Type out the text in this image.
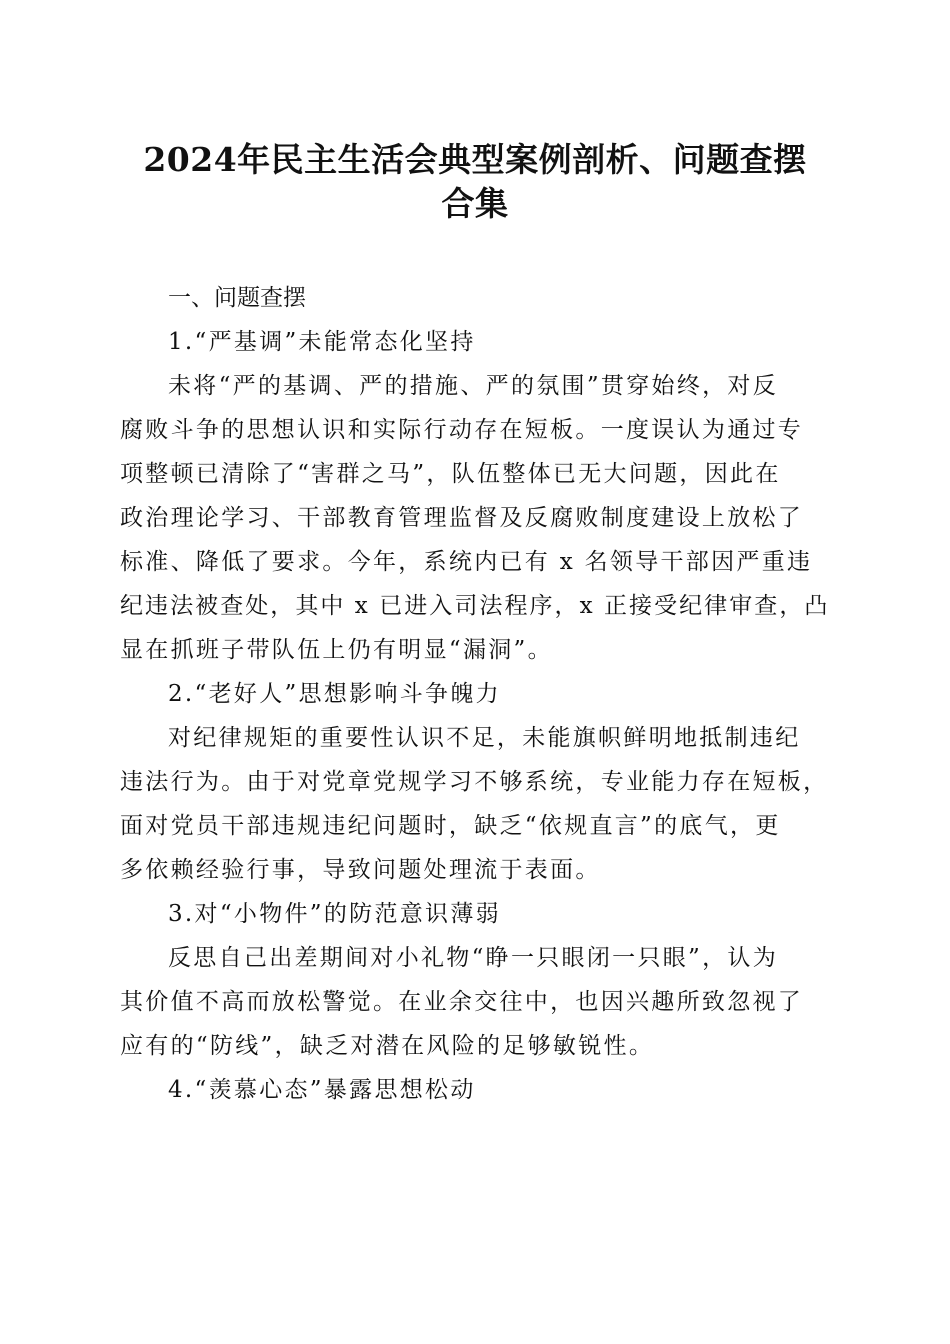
2024年民主生活会典型案例剖析、问题查摆
合集
一、问题查摆
1.“严基调”未能常态化坚持
未将“严的基调、严的措施、严的氛围”贯穿始终，对反
腐败斗争的思想认识和实际行动存在短板。一度误认为通过专
项整顿已清除了“害群之马”，队伍整体已无大问题，因此在
政治理论学习、干部教育管理监督及反腐败制度建设上放松了
标准、降低了要求。今年，系统内已有 x 名领导干部因严重违
纪违法被查处，其中 x 已进入司法程序，x 正接受纪律审查，凸
显在抓班子带队伍上仍有明显“漏洞”。
2.“老好人”思想影响斗争魄力
对纪律规矩的重要性认识不足，未能旗帜鲜明地抵制违纪
违法行为。由于对党章党规学习不够系统，专业能力存在短板，
面对党员干部违规违纪问题时，缺乏“依规直言”的底气，更
多依赖经验行事，导致问题处理流于表面。
3.对“小物件”的防范意识薄弱
反思自己出差期间对小礼物“睁一只眼闭一只眼”，认为
其价值不高而放松警觉。在业余交往中，也因兴趣所致忽视了
应有的“防线”，缺乏对潜在风险的足够敏锐性。
4.“羡慕心态”暴露思想松动
